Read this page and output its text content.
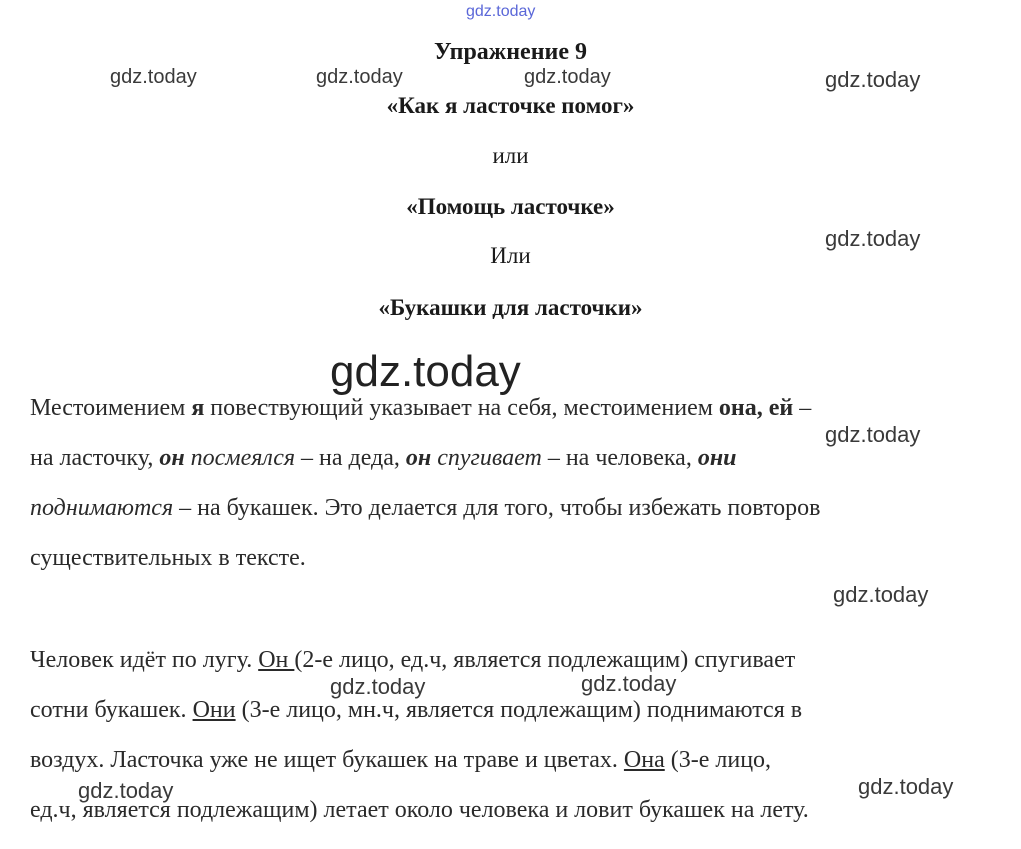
gdz.today
gdz.today	gdz.today	gdz.today	gdz.today
gdz.today
gdz.today
gdz.today
gdz.today
gdz.today	gdz.today
gdz.today	gdz.today
Упражнение 9
«Как я ласточке помог»
или
«Помощь ласточке»
Или
«Букашки для ласточки»
Местоимением я повествующий указывает на себя, местоимением она, ей –
на ласточку, он посмеялся – на деда, он спугивает – на человека, они
поднимаются – на букашек. Это делается для того, чтобы избежать повторов
существительных в тексте.
Человек идёт по лугу. Он (2-е лицо, ед.ч, является подлежащим) спугивает
сотни букашек. Они (3-е лицо, мн.ч, является подлежащим) поднимаются в
воздух. Ласточка уже не ищет букашек на траве и цветах. Она (3-е лицо,
ед.ч, является подлежащим) летает около человека и ловит букашек на лету.
